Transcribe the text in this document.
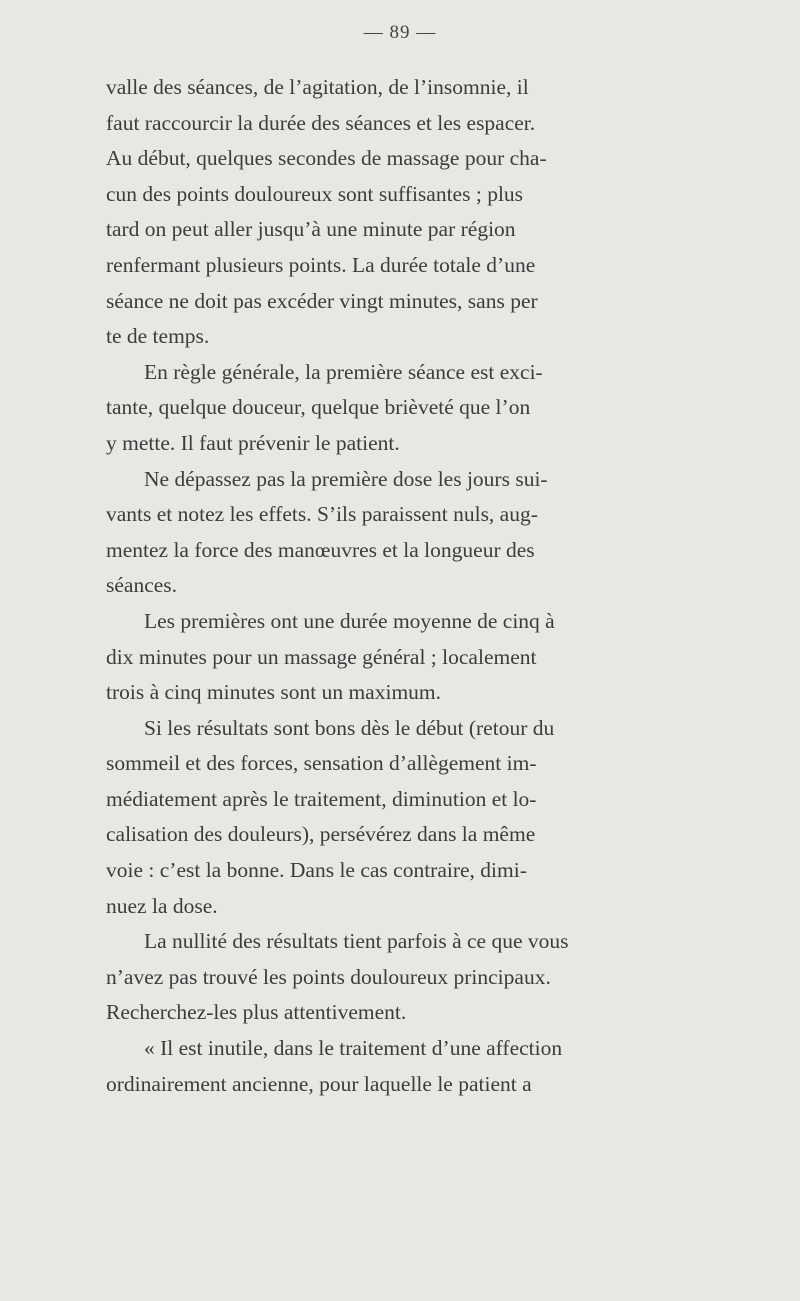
— 89 —
valle des séances, de l’agitation, de l’insomnie, il
faut raccourcir la durée des séances et les espacer.
Au début, quelques secondes de massage pour cha-
cun des points douloureux sont suffisantes ; plus
tard on peut aller jusqu’à une minute par région
renfermant plusieurs points. La durée totale d’une
séance ne doit pas excéder vingt minutes, sans per
te de temps.
En règle générale, la première séance est exci-
tante, quelque douceur, quelque brièveté que l’on
y mette. Il faut prévenir le patient.
Ne dépassez pas la première dose les jours sui-
vants et notez les effets. S’ils paraissent nuls, aug-
mentez la force des manœuvres et la longueur des
séances.
Les premières ont une durée moyenne de cinq à
dix minutes pour un massage général ; localement
trois à cinq minutes sont un maximum.
Si les résultats sont bons dès le début (retour du
sommeil et des forces, sensation d’allègement im-
médiatement après le traitement, diminution et lo-
calisation des douleurs), persévérez dans la même
voie : c’est la bonne. Dans le cas contraire, dimi-
nuez la dose.
La nullité des résultats tient parfois à ce que vous
n’avez pas trouvé les points douloureux principaux.
Recherchez-les plus attentivement.
« Il est inutile, dans le traitement d’une affection
ordinairement ancienne, pour laquelle le patient a
